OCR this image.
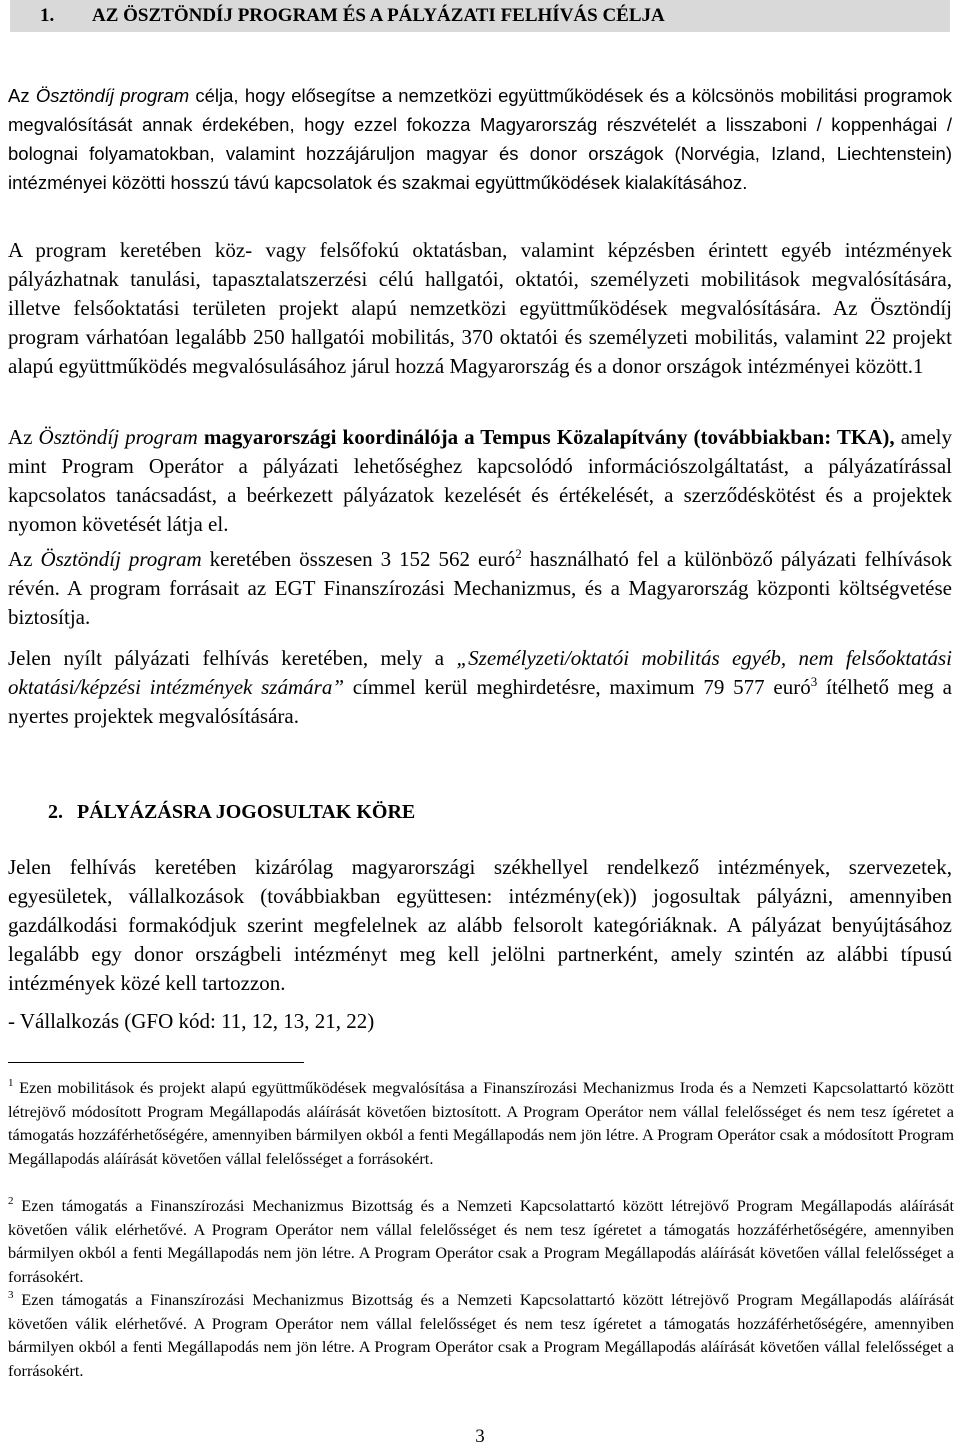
1. AZ ÖSZTÖNDÍJ PROGRAM ÉS A PÁLYÁZATI FELHÍVÁS CÉLJA

Az Ösztöndíj program célja, hogy elősegítse a nemzetközi együttműködések és a kölcsönös mobilitási programok megvalósítását annak érdekében, hogy ezzel fokozza Magyarország részvételét a lisszaboni / koppenhágai / bolognai folyamatokban, valamint hozzájáruljon magyar és donor országok (Norvégia, Izland, Liechtenstein) intézményei közötti hosszú távú kapcsolatok és szakmai együttműködések kialakításához.

A program keretében köz- vagy felsőfokú oktatásban, valamint képzésben érintett egyéb intézmények pályázhatnak tanulási, tapasztalatszerzési célú hallgatói, oktatói, személyzeti mobilitások megvalósítására, illetve felsőoktatási területen projekt alapú nemzetközi együttműködések megvalósítására. Az Ösztöndíj program várhatóan legalább 250 hallgatói mobilitás, 370 oktatói és személyzeti mobilitás, valamint 22 projekt alapú együttműködés megvalósulásához járul hozzá Magyarország és a donor országok intézményei között.1

Az Ösztöndíj program magyarországi koordinálója a Tempus Közalapítvány (továbbiakban: TKA), amely mint Program Operátor a pályázati lehetőséghez kapcsolódó információszolgáltatást, a pályázatírással kapcsolatos tanácsadást, a beérkezett pályázatok kezelését és értékelését, a szerződéskötést és a projektek nyomon követését látja el.

Az Ösztöndíj program keretében összesen 3 152 562 euró$^2$ használható fel a különböző pályázati felhívások révén. A program forrásait az EGT Finanszírozási Mechanizmus, és a Magyarország központi költségvetése biztosítja.

Jelen nyílt pályázati felhívás keretében, mely a „Személyzeti/oktatói mobilitás egyéb, nem felsőoktatási oktatási/képzési intézmények számára” címmel kerül meghirdetésre, maximum 79 577 euró$^3$ ítélhető meg a nyertes projektek megvalósítására.

2. PÁLYÁZÁSRA JOGOSULTAK KÖRE

Jelen felhívás keretében kizárólag magyarországi székhellyel rendelkező intézmények, szervezetek, egyesületek, vállalkozások (továbbiakban együttesen: intézmény(ek)) jogosultak pályázni, amennyiben gazdálkodási formakódjuk szerint megfelelnek az alább felsorolt kategóriáknak. A pályázat benyújtásához legalább egy donor országbeli intézményt meg kell jelölni partnerként, amely szintén az alábbi típusú intézmények közé kell tartozzon.

- Vállalkozás (GFO kód: 11, 12, 13, 21, 22)

$^1$ Ezen mobilitások és projekt alapú együttműködések megvalósítása a Finanszírozási Mechanizmus Iroda és a Nemzeti Kapcsolattartó között létrejövő módosított Program Megállapodás aláírását követően biztosított. A Program Operátor nem vállal felelősséget és nem tesz ígéretet a támogatás hozzáférhetőségére, amennyiben bármilyen okból a fenti Megállapodás nem jön létre. A Program Operátor csak a módosított Program Megállapodás aláírását követően vállal felelősséget a forrásokért.

$^2$ Ezen támogatás a Finanszírozási Mechanizmus Bizottság és a Nemzeti Kapcsolattartó között létrejövő Program Megállapodás aláírását követően válik elérhetővé. A Program Operátor nem vállal felelősséget és nem tesz ígéretet a támogatás hozzáférhetőségére, amennyiben bármilyen okból a fenti Megállapodás nem jön létre. A Program Operátor csak a Program Megállapodás aláírását követően vállal felelősséget a forrásokért.

$^3$ Ezen támogatás a Finanszírozási Mechanizmus Bizottság és a Nemzeti Kapcsolattartó között létrejövő Program Megállapodás aláírását követően válik elérhetővé. A Program Operátor nem vállal felelősséget és nem tesz ígéretet a támogatás hozzáférhetőségére, amennyiben bármilyen okból a fenti Megállapodás nem jön létre. A Program Operátor csak a Program Megállapodás aláírását követően vállal felelősséget a forrásokért.

3
